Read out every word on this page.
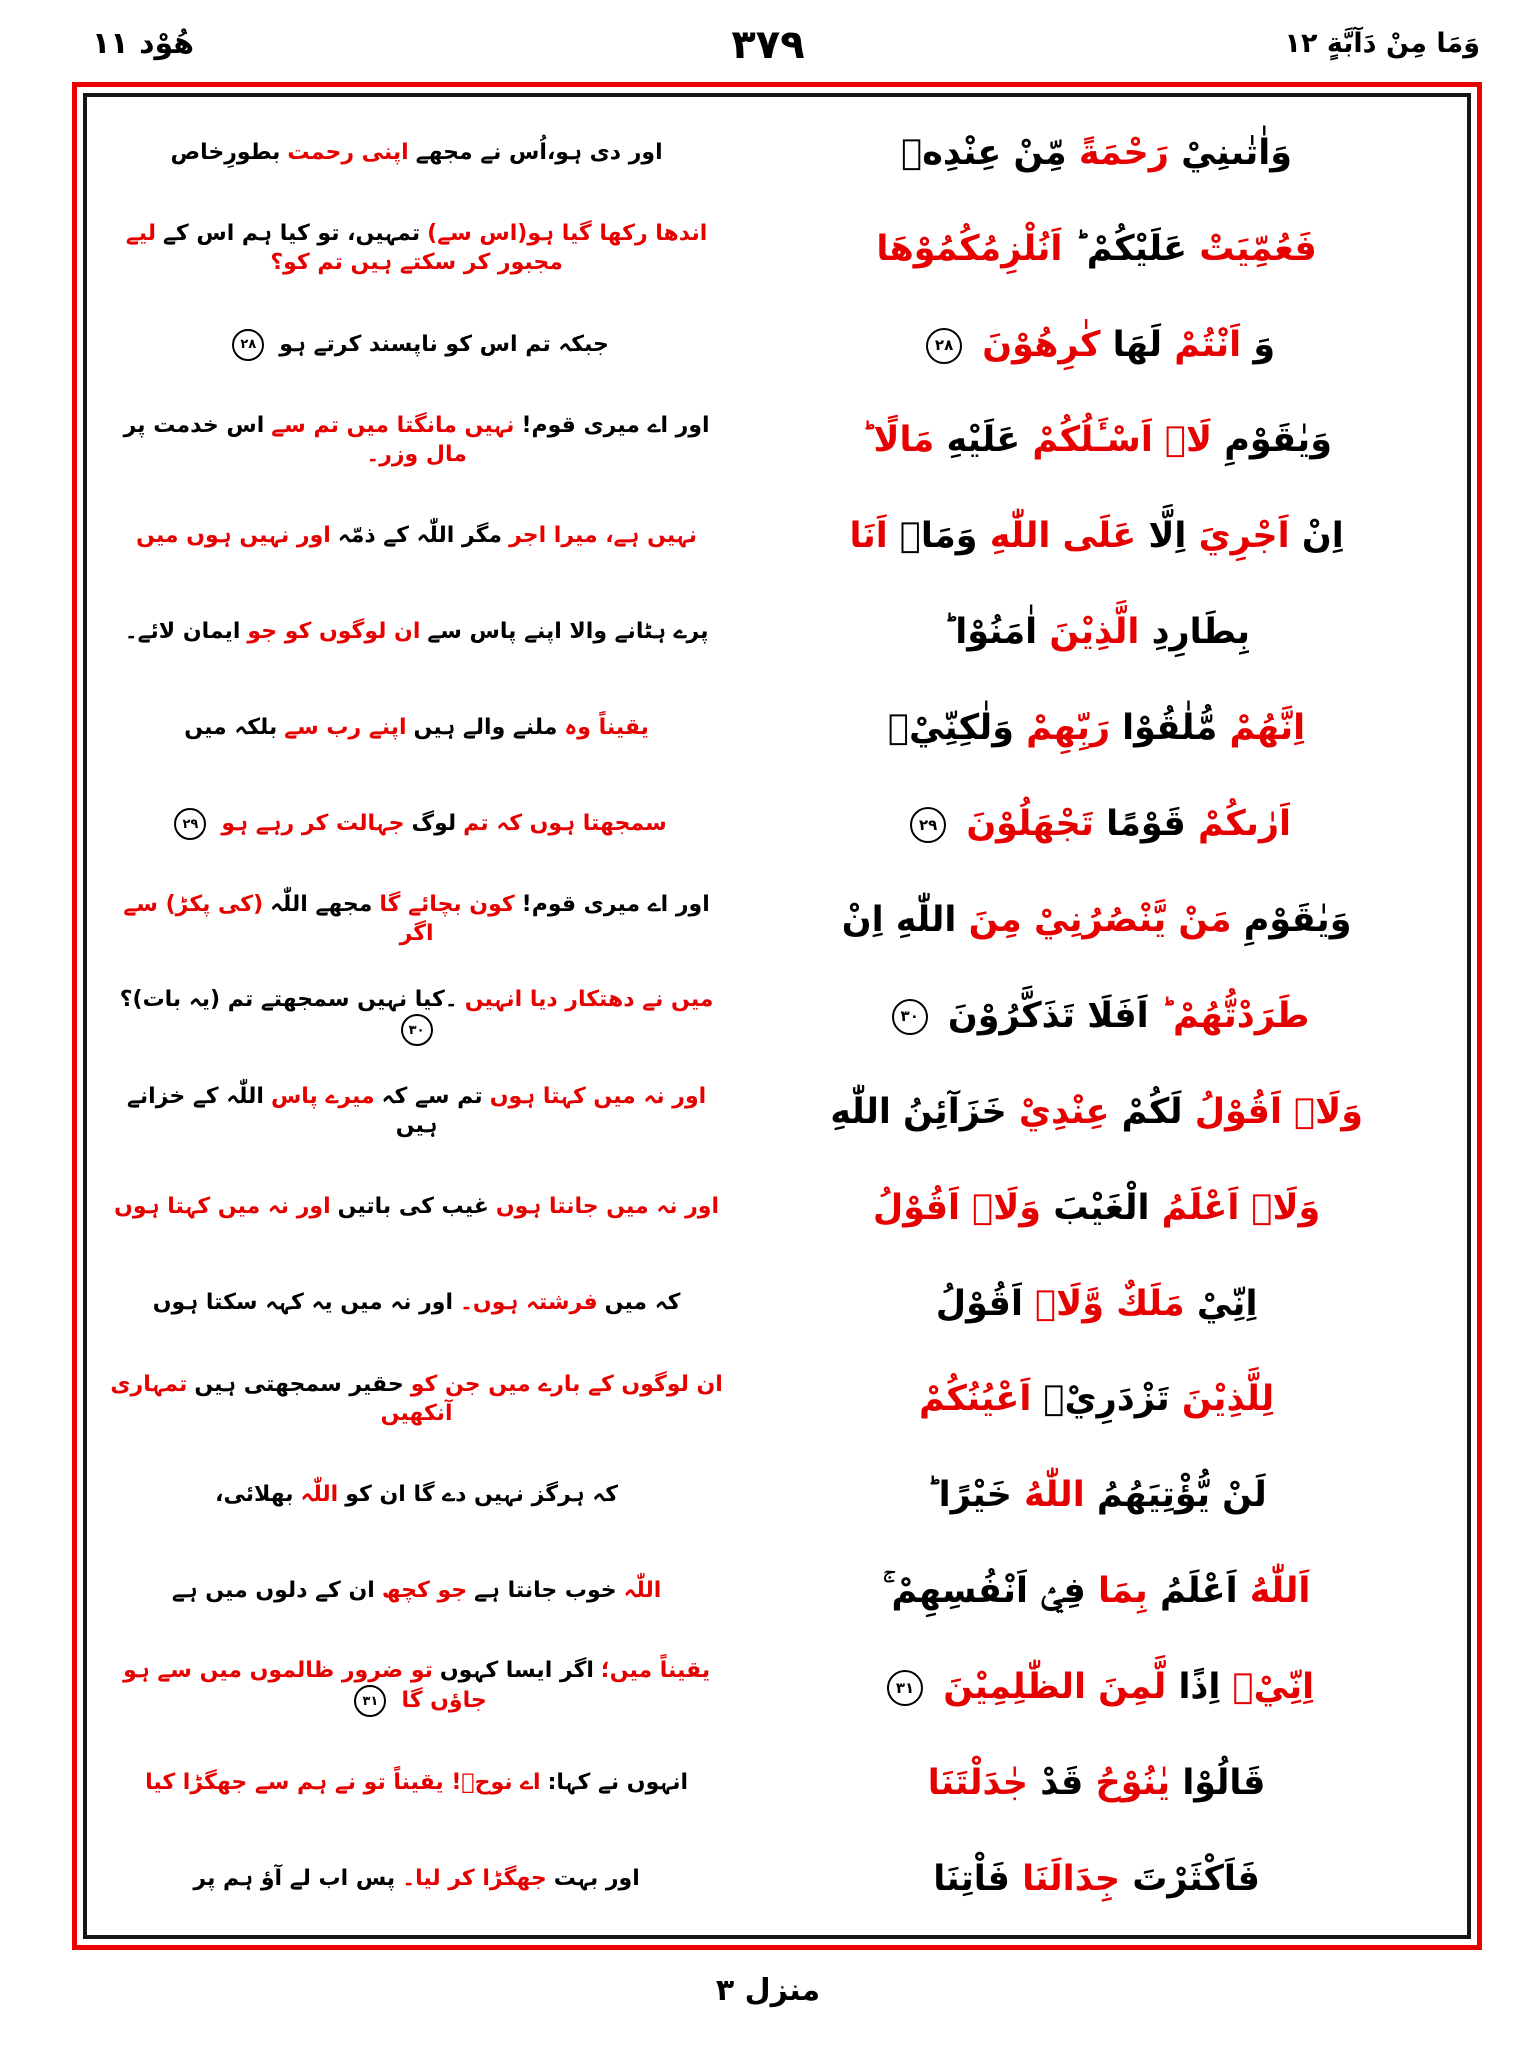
هُوْد ۱۱	۳۷۹	وَمَا مِنْ دَآبَّةٍ ۱۲
اور دی ہو،اُس نے مجھے اپنی رحمت بطورِخاص	وَاٰتٰىنِيْ رَحْمَةً مِّنْ عِنْدِهٖ
اندھا رکھا گیا ہو(اس سے) تمہیں، تو کیا ہم اس کے لیے مجبور کر سکتے ہیں تم کو؟	فَعُمِّيَتْ عَلَيْكُمْ ؕ اَنُلْزِمُكُمُوْهَا
جبکہ تم اس کو ناپسند کرتے ہو ۲۸	وَ اَنْتُمْ لَهَا كٰرِهُوْنَ ۲۸
اور اے میری قوم! نہیں مانگتا میں تم سے اس خدمت پر مال وزر۔	وَيٰقَوْمِ لَاۤ اَسْـَٔلُكُمْ عَلَيْهِ مَالًا ؕ
نہیں ہے، میرا اجر مگر اللّٰہ کے ذمّہ اور نہیں ہوں میں	اِنْ اَجْرِيَ اِلَّا عَلَى اللّٰهِ وَمَاۤ اَنَا
پرے ہٹانے والا اپنے پاس سے ان لوگوں کو جو ایمان لائے۔	بِطَارِدِ الَّذِيْنَ اٰمَنُوْا ؕ
یقیناً وہ ملنے والے ہیں اپنے رب سے بلکہ میں	اِنَّهُمْ مُّلٰقُوْا رَبِّهِمْ وَلٰكِنِّيْۤ
سمجھتا ہوں کہ تم لوگ جہالت کر رہے ہو ۲۹	اَرٰىكُمْ قَوْمًا تَجْهَلُوْنَ ۲۹
اور اے میری قوم! کون بچائے گا مجھے اللّٰہ (کی پکڑ) سے اگر	وَيٰقَوْمِ مَنْ يَّنْصُرُنِيْ مِنَ اللّٰهِ اِنْ
میں نے دھتکار دیا انہیں ۔کیا نہیں سمجھتے تم (یہ بات)؟ ۳۰	طَرَدْتُّهُمْ ؕ اَفَلَا تَذَكَّرُوْنَ ۳۰
اور نہ میں کہتا ہوں تم سے کہ میرے پاس اللّٰہ کے خزانے ہیں	وَلَاۤ اَقُوْلُ لَكُمْ عِنْدِيْ خَزَآئِنُ اللّٰهِ
اور نہ میں جانتا ہوں غیب کی باتیں اور نہ میں کہتا ہوں	وَلَاۤ اَعْلَمُ الْغَيْبَ وَلَاۤ اَقُوْلُ
کہ میں فرشتہ ہوں۔ اور نہ میں یہ کہہ سکتا ہوں	اِنِّيْ مَلَكٌ وَّلَاۤ اَقُوْلُ
ان لوگوں کے بارے میں جن کو حقیر سمجھتی ہیں تمہاری آنکھیں	لِلَّذِيْنَ تَزْدَرِيْۤ اَعْيُنُكُمْ
کہ ہرگز نہیں دے گا ان کو اللّٰہ بھلائی،	لَنْ يُّؤْتِيَهُمُ اللّٰهُ خَيْرًا ؕ
اللّٰہ خوب جانتا ہے جو کچھ ان کے دلوں میں ہے	اَللّٰهُ اَعْلَمُ بِمَا فِيْۤ اَنْفُسِهِمْ ۚ
یقیناً میں؛ اگر ایسا کہوں تو ضرور ظالموں میں سے ہو جاؤں گا ۳۱	اِنِّيْۤ اِذًا لَّمِنَ الظّٰلِمِيْنَ ۳۱
انہوں نے کہا: اے نوحؑ! یقیناً تو نے ہم سے جھگڑا کیا	قَالُوْا يٰنُوْحُ قَدْ جٰدَلْتَنَا
اور بہت جھگڑا کر لیا۔ پس اب لے آؤ ہم پر	فَاَكْثَرْتَ جِدَالَنَا فَاْتِنَا
منزل ۳
